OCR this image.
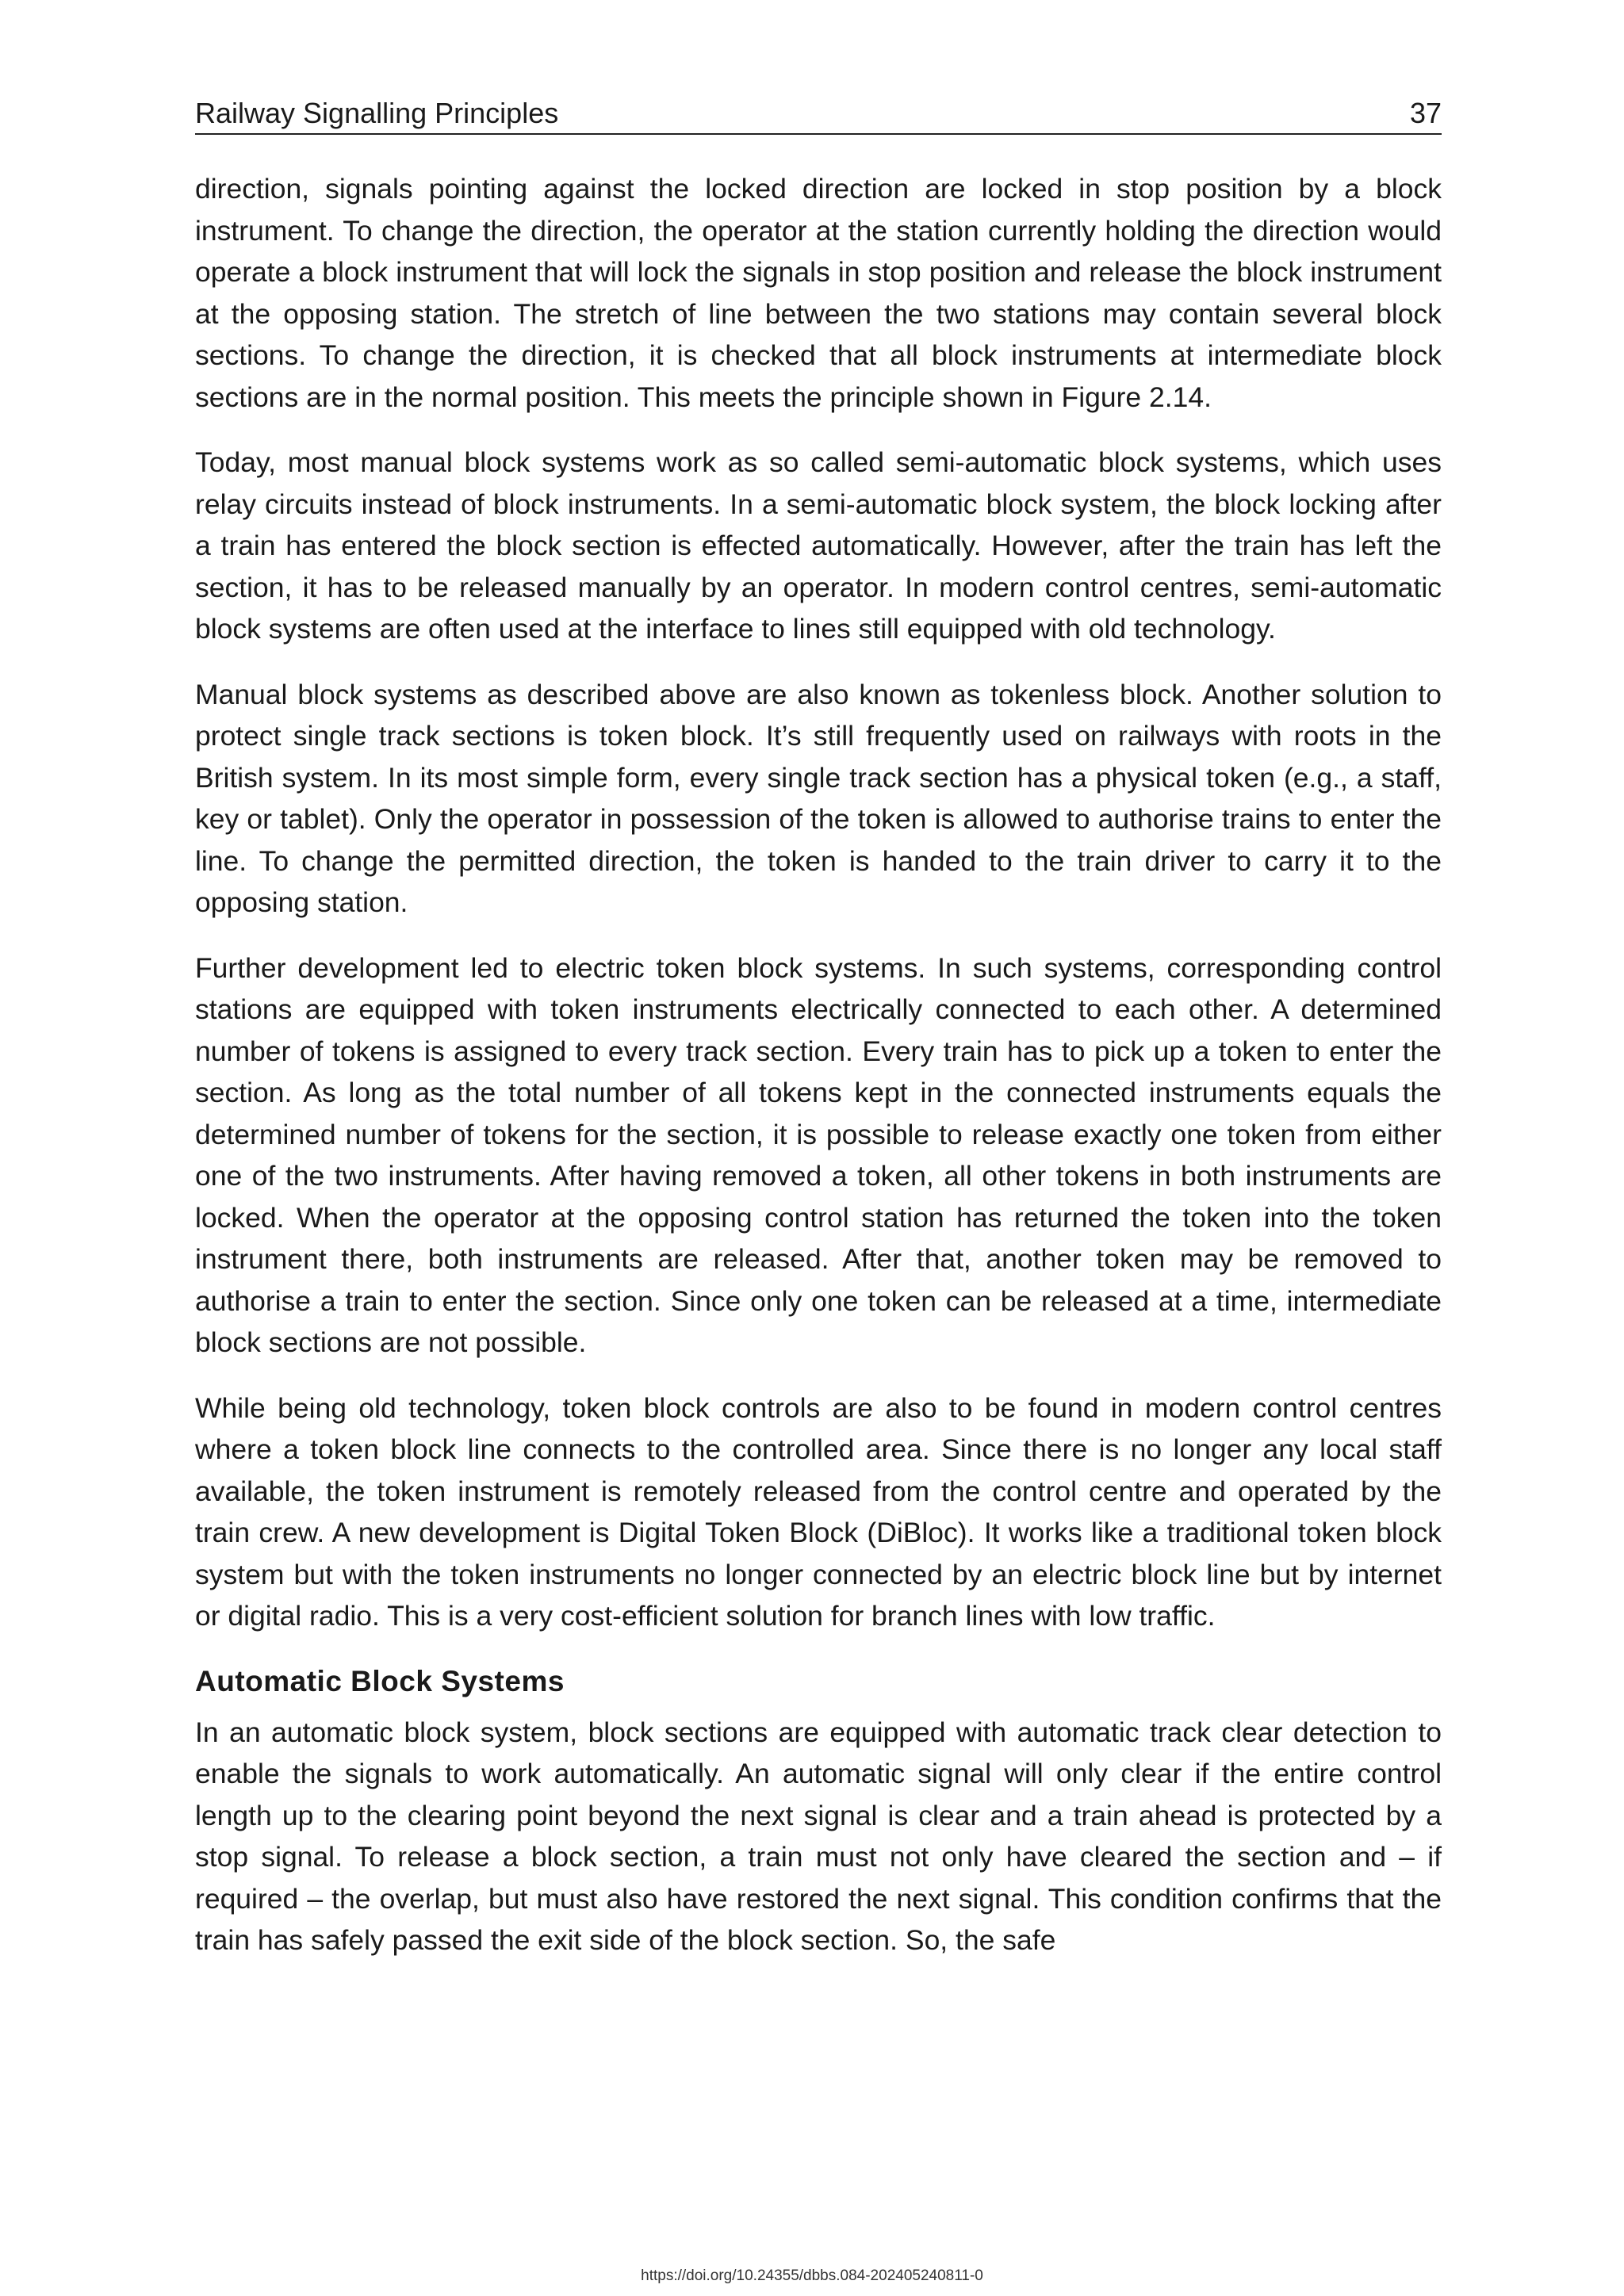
Railway Signalling Principles	37

direction, signals pointing against the locked direction are locked in stop position by a block instrument. To change the direction, the operator at the station currently holding the direction would operate a block instrument that will lock the signals in stop position and release the block instrument at the opposing station. The stretch of line between the two stations may contain several block sections. To change the direction, it is checked that all block instruments at intermediate block sections are in the normal position. This meets the principle shown in Figure 2.14.

Today, most manual block systems work as so called semi-automatic block systems, which uses relay circuits instead of block instruments. In a semi-automatic block system, the block locking after a train has entered the block section is effected automatically. However, after the train has left the section, it has to be released manually by an operator. In modern control centres, semi-automatic block systems are often used at the interface to lines still equipped with old technology.

Manual block systems as described above are also known as tokenless block. Another solution to protect single track sections is token block. It’s still frequently used on railways with roots in the British system. In its most simple form, every single track section has a physical token (e.g., a staff, key or tablet). Only the operator in possession of the token is allowed to authorise trains to enter the line. To change the permitted direction, the token is handed to the train driver to carry it to the opposing station.

Further development led to electric token block systems. In such systems, corresponding control stations are equipped with token instruments electrically connected to each other. A determined number of tokens is assigned to every track section. Every train has to pick up a token to enter the section. As long as the total number of all tokens kept in the connected instruments equals the determined number of tokens for the section, it is possible to release exactly one token from either one of the two instruments. After having removed a token, all other tokens in both instruments are locked. When the operator at the opposing control station has returned the token into the token instrument there, both instruments are released. After that, another token may be removed to authorise a train to enter the section. Since only one token can be released at a time, intermediate block sections are not possible.

While being old technology, token block controls are also to be found in modern control centres where a token block line connects to the controlled area. Since there is no longer any local staff available, the token instrument is remotely released from the control centre and operated by the train crew. A new development is Digital Token Block (DiBloc). It works like a traditional token block system but with the token instruments no longer connected by an electric block line but by internet or digital radio. This is a very cost-efficient solution for branch lines with low traffic.

Automatic Block Systems

In an automatic block system, block sections are equipped with automatic track clear detection to enable the signals to work automatically. An automatic signal will only clear if the entire control length up to the clearing point beyond the next signal is clear and a train ahead is protected by a stop signal. To release a block section, a train must not only have cleared the section and – if required – the overlap, but must also have restored the next signal. This condition confirms that the train has safely passed the exit side of the block section. So, the safe

https://doi.org/10.24355/dbbs.084-202405240811-0
